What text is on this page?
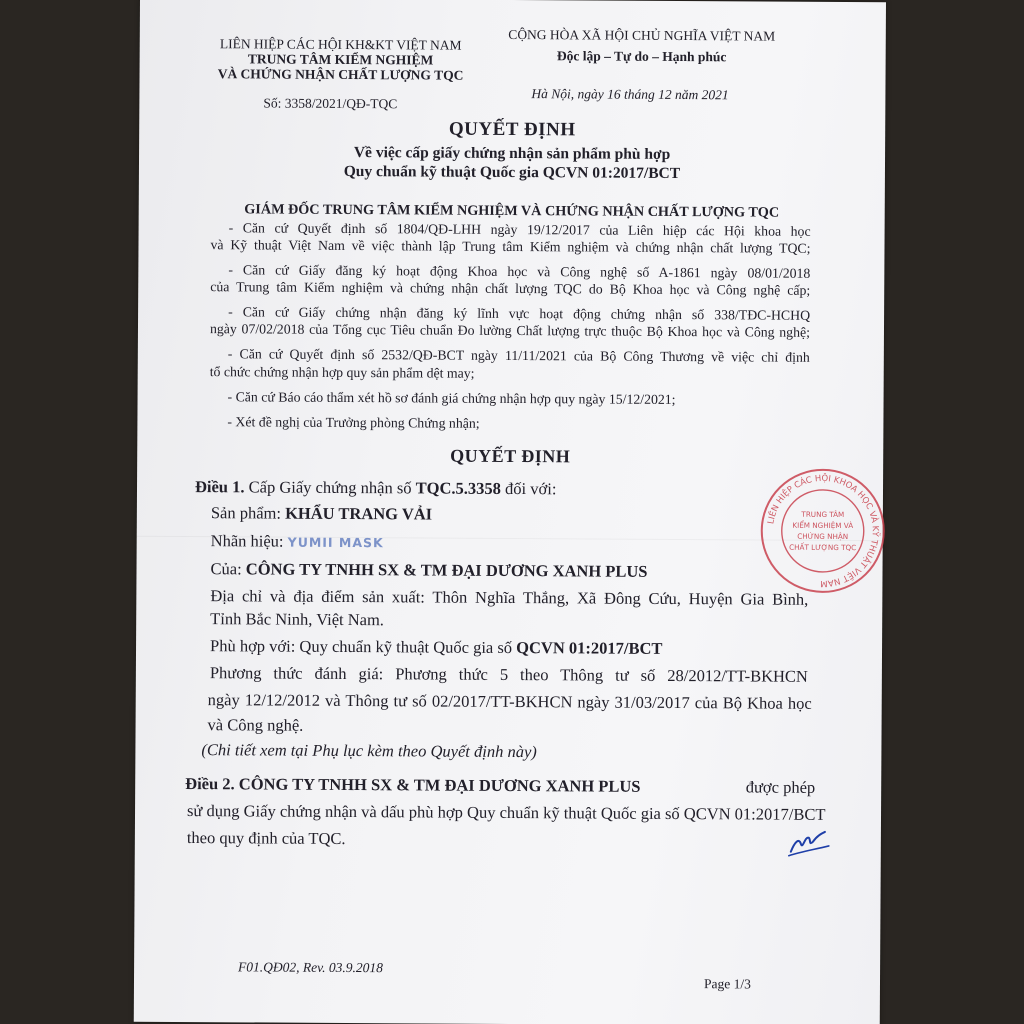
LIÊN HIỆP CÁC HỘI KH&KT VIỆT NAM
TRUNG TÂM KIỂM NGHIỆM
VÀ CHỨNG NHẬN CHẤT LƯỢNG TQC
Số: 3358/2021/QĐ-TQC
CỘNG HÒA XÃ HỘI CHỦ NGHĨA VIỆT NAM
Độc lập – Tự do – Hạnh phúc
Hà Nội, ngày 16 tháng 12 năm 2021
QUYẾT ĐỊNH
Về việc cấp giấy chứng nhận sản phẩm phù hợp
Quy chuẩn kỹ thuật Quốc gia QCVN 01:2017/BCT
GIÁM ĐỐC TRUNG TÂM KIỂM NGHIỆM VÀ CHỨNG NHẬN CHẤT LƯỢNG TQC
- Căn cứ Quyết định số 1804/QĐ-LHH ngày 19/12/2017 của Liên hiệp các Hội khoa học
và Kỹ thuật Việt Nam về việc thành lập Trung tâm Kiểm nghiệm và chứng nhận chất lượng TQC;
- Căn cứ Giấy đăng ký hoạt động Khoa học và Công nghệ số A-1861 ngày 08/01/2018
của Trung tâm Kiểm nghiệm và chứng nhận chất lượng TQC do Bộ Khoa học và Công nghệ cấp;
- Căn cứ Giấy chứng nhận đăng ký lĩnh vực hoạt động chứng nhận số 338/TĐC-HCHQ
ngày 07/02/2018 của Tổng cục Tiêu chuẩn Đo lường Chất lượng trực thuộc Bộ Khoa học và Công nghệ;
- Căn cứ Quyết định số 2532/QĐ-BCT ngày 11/11/2021 của Bộ Công Thương về việc chỉ định
tổ chức chứng nhận hợp quy sản phẩm dệt may;
- Căn cứ Báo cáo thẩm xét hồ sơ đánh giá chứng nhận hợp quy ngày 15/12/2021;
- Xét đề nghị của Trưởng phòng Chứng nhận;
QUYẾT ĐỊNH
Điều 1. Cấp Giấy chứng nhận số TQC.5.3358 đối với:
Sản phẩm: KHẨU TRANG VẢI
Nhãn hiệu: YUMII MASK
Của: CÔNG TY TNHH SX & TM ĐẠI DƯƠNG XANH PLUS
Địa chỉ và địa điểm sản xuất: Thôn Nghĩa Thắng, Xã Đông Cứu, Huyện Gia Bình,
Tỉnh Bắc Ninh, Việt Nam.
Phù hợp với: Quy chuẩn kỹ thuật Quốc gia số QCVN 01:2017/BCT
Phương thức đánh giá: Phương thức 5 theo Thông tư số 28/2012/TT-BKHCN
ngày 12/12/2012 và Thông tư số 02/2017/TT-BKHCN ngày 31/03/2017 của Bộ Khoa học
và Công nghệ.
(Chi tiết xem tại Phụ lục kèm theo Quyết định này)
Điều 2. CÔNG TY TNHH SX & TM ĐẠI DƯƠNG XANH PLUS	được phép
sử dụng Giấy chứng nhận và dấu phù hợp Quy chuẩn kỹ thuật Quốc gia số QCVN 01:2017/BCT
theo quy định của TQC.
F01.QĐ02, Rev. 03.9.2018
Page 1/3
LIÊN HIỆP CÁC HỘI KHOA HỌC VÀ KỸ THUẬT VIỆT NAM
TRUNG TÂM
KIỂM NGHIỆM VÀ
CHỨNG NHẬN
CHẤT LƯỢNG TQC
